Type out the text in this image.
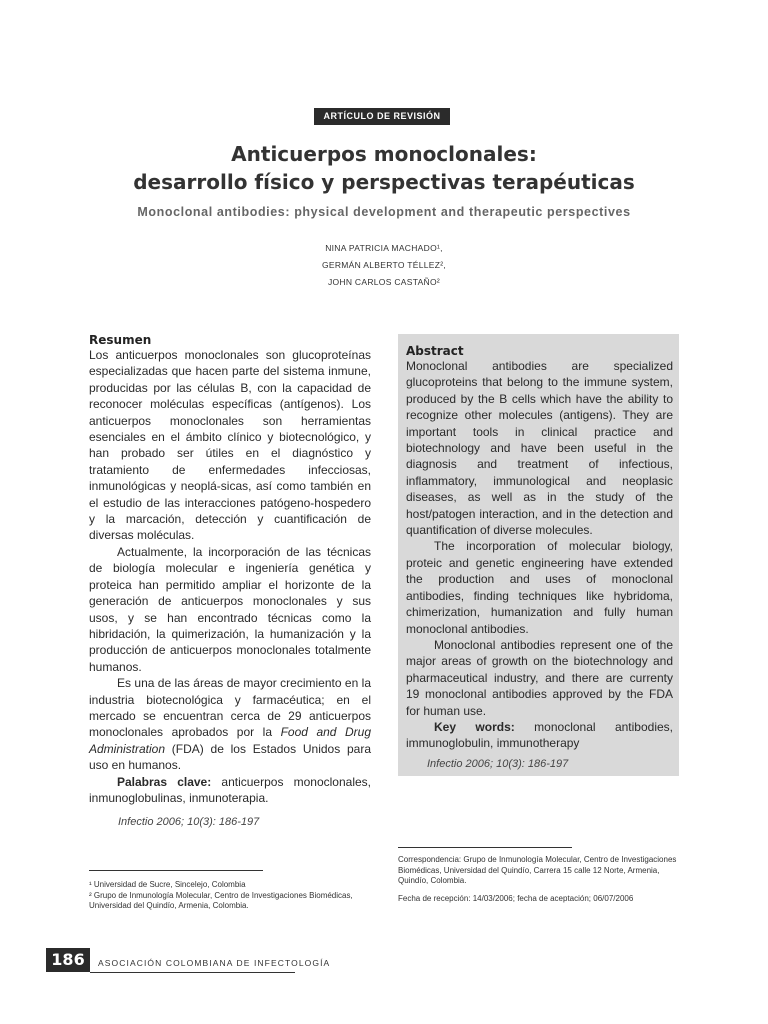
ARTÍCULO DE REVISIÓN
Anticuerpos monoclonales:
desarrollo físico y perspectivas terapéuticas
Monoclonal antibodies: physical development and therapeutic perspectives
NINA PATRICIA MACHADO¹,
GERMÁN ALBERTO TÉLLEZ²,
JOHN CARLOS CASTAÑO²
Resumen

Los anticuerpos monoclonales son glucoproteínas especializadas que hacen parte del sistema inmune, producidas por las células B, con la capacidad de reconocer moléculas específicas (antígenos). Los anticuerpos monoclonales son herramientas esenciales en el ámbito clínico y biotecnológico, y han probado ser útiles en el diagnóstico y tratamiento de enfermedades infecciosas, inmunológicas y neoplá-sicas, así como también en el estudio de las interacciones patógeno-hospedero y la marcación, detección y cuantificación de diversas moléculas.

Actualmente, la incorporación de las técnicas de biología molecular e ingeniería genética y proteica han permitido ampliar el horizonte de la generación de anticuerpos monoclonales y sus usos, y se han encontrado técnicas como la hibridación, la quimerización, la humanización y la producción de anticuerpos monoclonales totalmente humanos.

Es una de las áreas de mayor crecimiento en la industria biotecnológica y farmacéutica; en el mercado se encuentran cerca de 29 anticuerpos monoclonales aprobados por la Food and Drug Administration (FDA) de los Estados Unidos para uso en humanos.

Palabras clave: anticuerpos monoclonales, inmunoglobulinas, inmunoterapia.

Infectio 2006; 10(3): 186-197
Abstract

Monoclonal antibodies are specialized glucoproteins that belong to the immune system, produced by the B cells which have the ability to recognize other molecules (antigens). They are important tools in clinical practice and biotechnology and have been useful in the diagnosis and treatment of infectious, inflammatory, immunological and neoplasic diseases, as well as in the study of the host/patogen interaction, and in the detection and quantification of diverse molecules.

The incorporation of molecular biology, proteic and genetic engineering have extended the production and uses of monoclonal antibodies, finding techniques like hybridoma, chimerization, humanization and fully human monoclonal antibodies.

Monoclonal antibodies represent one of the major areas of growth on the biotechnology and pharmaceutical industry, and there are currenty 19 monoclonal antibodies approved by the FDA for human use.

Key words: monoclonal antibodies, immunoglobulin, immunotherapy

Infectio 2006; 10(3): 186-197
¹ Universidad de Sucre, Sincelejo, Colombia
² Grupo de Inmunología Molecular, Centro de Investigaciones Biomédicas, Universidad del Quindío, Armenia, Colombia.
Correspondencia: Grupo de Inmunología Molecular, Centro de Investigaciones Biomédicas, Universidad del Quindío, Carrera 15 calle 12 Norte, Armenia, Quindío, Colombia.
Fecha de recepción: 14/03/2006; fecha de aceptación; 06/07/2006
186	ASOCIACIÓN COLOMBIANA DE INFECTOLOGÍA
